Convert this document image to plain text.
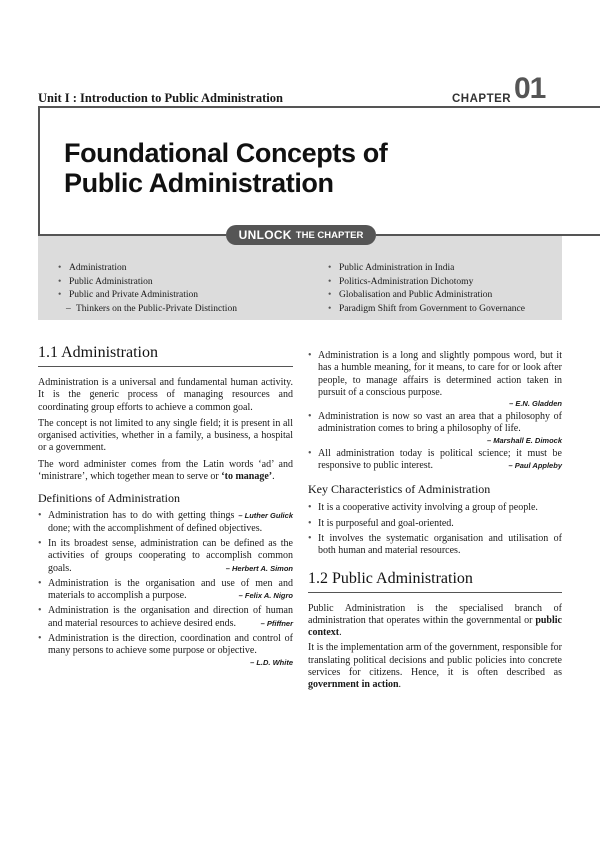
Unit I : Introduction to Public Administration	CHAPTER 01
Foundational Concepts of
Public Administration
• Administration
• Public Administration
• Public and Private Administration
– Thinkers on the Public-Private Distinction
• Public Administration in India
• Politics-Administration Dichotomy
• Globalisation and Public Administration
• Paradigm Shift from Government to Governance
UNLOCK THE CHAPTER
1.1 Administration

Administration is a universal and fundamental human activity. It is the generic process of managing resources and coordinating group efforts to achieve a common goal.

The concept is not limited to any single field; it is present in all organised activities, whether in a family, a business, a hospital or a government.

The word administer comes from the Latin words ‘ad’ and ‘ministrare’, which together mean to serve or ‘to manage’.

Definitions of Administration
• – Luther Gulick
Administration has to do with getting things done; with the accomplishment of defined objectives.
• In its broadest sense, administration can be defined as the activities of groups cooperating to accomplish common goals.	– Herbert A. Simon
• Administration is the organisation and use of men and materials to accomplish a purpose.	– Felix A. Nigro
• Administration is the organisation and direction of human and material resources to achieve desired ends.	– Pfiffner
• Administration is the direction, coordination and control of many persons to achieve some purpose or objective.
– L.D. White
• Administration is a long and slightly pompous word, but it has a humble meaning, for it means, to care for or look after people, to manage affairs is determined action taken in pursuit of a conscious purpose.
– E.N. Gladden
• Administration is now so vast an area that a philosophy of administration comes to bring a philosophy of life.
– Marshall E. Dimock
• All administration today is political science; it must be responsive to public interest.	– Paul Appleby
Key Characteristics of Administration
• It is a cooperative activity involving a group of people.
• It is purposeful and goal-oriented.
• It involves the systematic organisation and utilisation of both human and material resources.
1.2 Public Administration

Public Administration is the specialised branch of administration that operates within the governmental or public context.

It is the implementation arm of the government, responsible for translating political decisions and public policies into concrete services for citizens. Hence, it is often described as government in action.
